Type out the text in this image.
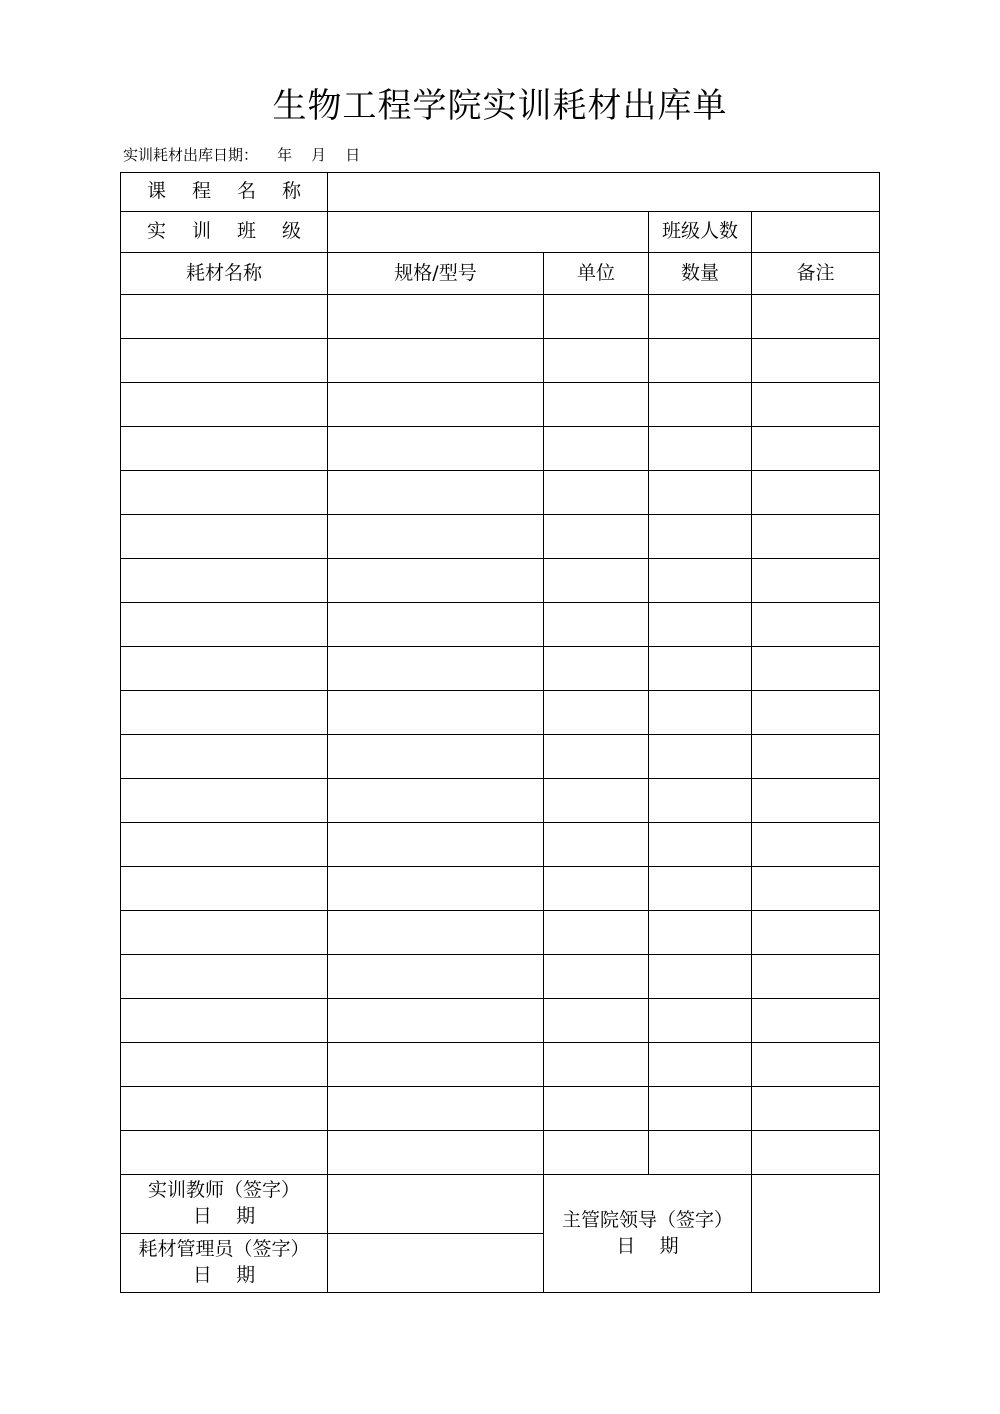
生物工程学院实训耗材出库单
实训耗材出库日期：    年    月    日
课 程 名 称				
实 训 班 级			班级人数	
耗材名称	规格/型号	单位	数量	备注

实训教师（签字）
日    期		主管院领导（签字）
日    期		

耗材管理员（签字）
日    期				
